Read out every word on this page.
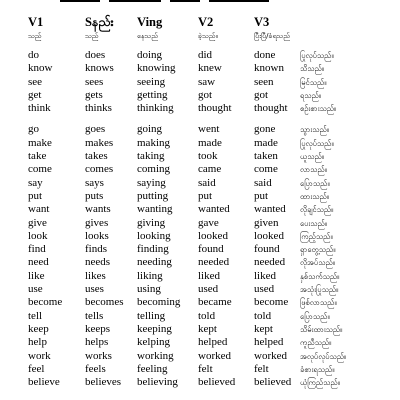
V1	S‌နည်း	Ving	V2	V3
သည်	သည်	နေသည်	ခဲ့သည်။	ပြီးပြီ/ခံရသည်
do	does	doing	did	done	ပြုလုပ်သည်။
know	knows	knowing	knew	known	သိသည်။
see	sees	seeing	saw	seen	မြင်သည်။
get	gets	getting	got	got	ရသည်။
think	thinks	thinking	thought	thought	စဉ်းစားသည်။
go	goes	going	went	gone	သွားသည်။
make	makes	making	made	made	ပြုလုပ်သည်။
take	takes	taking	took	taken	ယူသည်။
come	comes	coming	came	come	လာသည်။
say	says	saying	said	said	ပြောသည်။
put	puts	putting	put	put	ထားသည်။
want	wants	wanting	wanted	wanted	လိုချင်သည်။
give	gives	giving	gave	given	ပေးသည်။
look	looks	looking	looked	looked	ကြည့်သည်။
find	finds	finding	found	found	ရှာတွေ့သည်။
need	needs	needing	needed	needed	လိုအပ်သည်။
like	likes	liking	liked	liked	နှစ်သက်သည်။
use	uses	using	used	used	အသုံးပြုသည်။
become	becomes	becoming	became	become	ဖြစ်လာသည်။
tell	tells	telling	told	told	ပြောသည်။
keep	keeps	keeping	kept	kept	သိမ်းထားသည်။
help	helps	kelping	helped	helped	ကူညီသည်။
work	works	working	worked	worked	အလုပ်လုပ်သည်။
feel	feels	feeling	felt	felt	ခံစားရသည်။
believe	believes	believing	believed	believed	ယုံကြည်သည်။
